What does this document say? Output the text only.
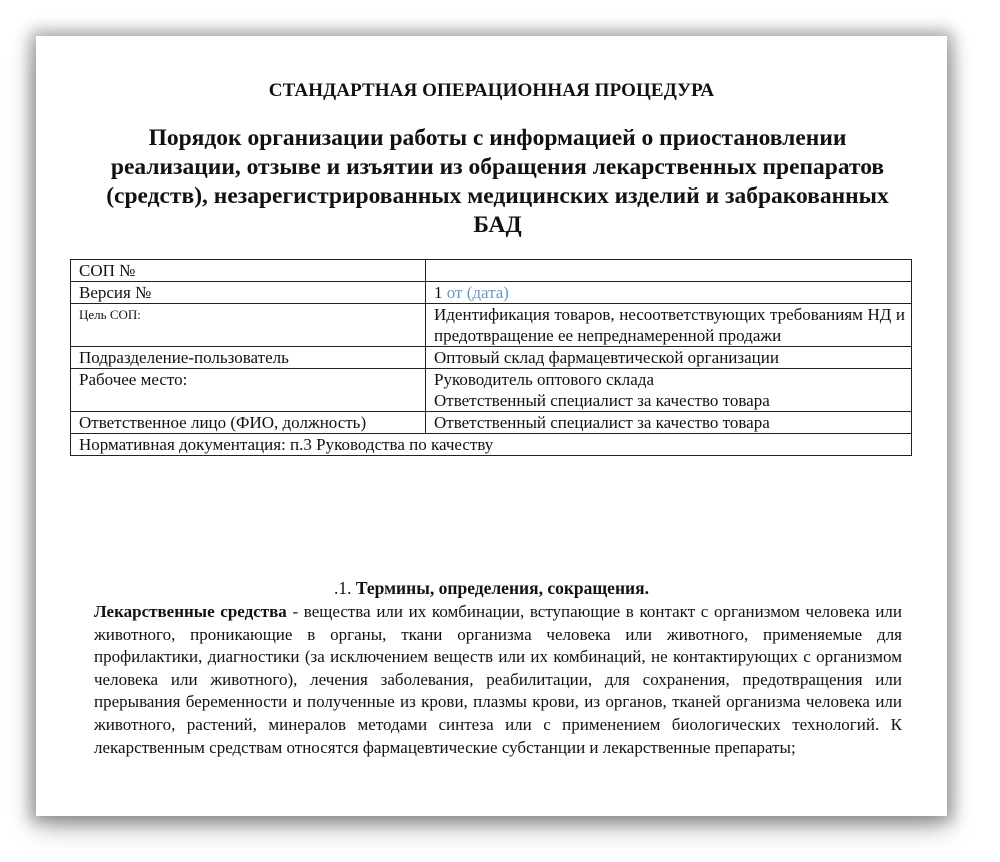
СТАНДАРТНАЯ ОПЕРАЦИОННАЯ ПРОЦЕДУРА
Порядок организации работы с информацией о приостановлении реализации, отзыве и изъятии из обращения лекарственных препаратов (средств), незарегистрированных медицинских изделий и забракованных БАД
СОП №	
Версия №	1 от (дата)
Цель СОП:	Идентификация товаров, несоответствующих требованиям НД и предотвращение ее непреднамеренной продажи
Подразделение-пользователь	Оптовый склад фармацевтической организации
Рабочее место:	Руководитель оптового склада
Ответственный специалист за качество товара

Ответственное лицо (ФИО, должность)	Ответственный специалист за качество товара
Нормативная документация: п.3 Руководства по качеству	
.1. Термины, определения, сокращения.
Лекарственные средства - вещества или их комбинации, вступающие в контакт с организмом человека или животного, проникающие в органы, ткани организма человека или животного, применяемые для профилактики, диагностики (за исключением веществ или их комбинаций, не контактирующих с организмом человека или животного), лечения заболевания, реабилитации, для сохранения, предотвращения или прерывания беременности и полученные из крови, плазмы крови, из органов, тканей организма человека или животного, растений, минералов методами синтеза или с применением биологических технологий. К лекарственным средствам относятся фармацевтические субстанции и лекарственные препараты;
